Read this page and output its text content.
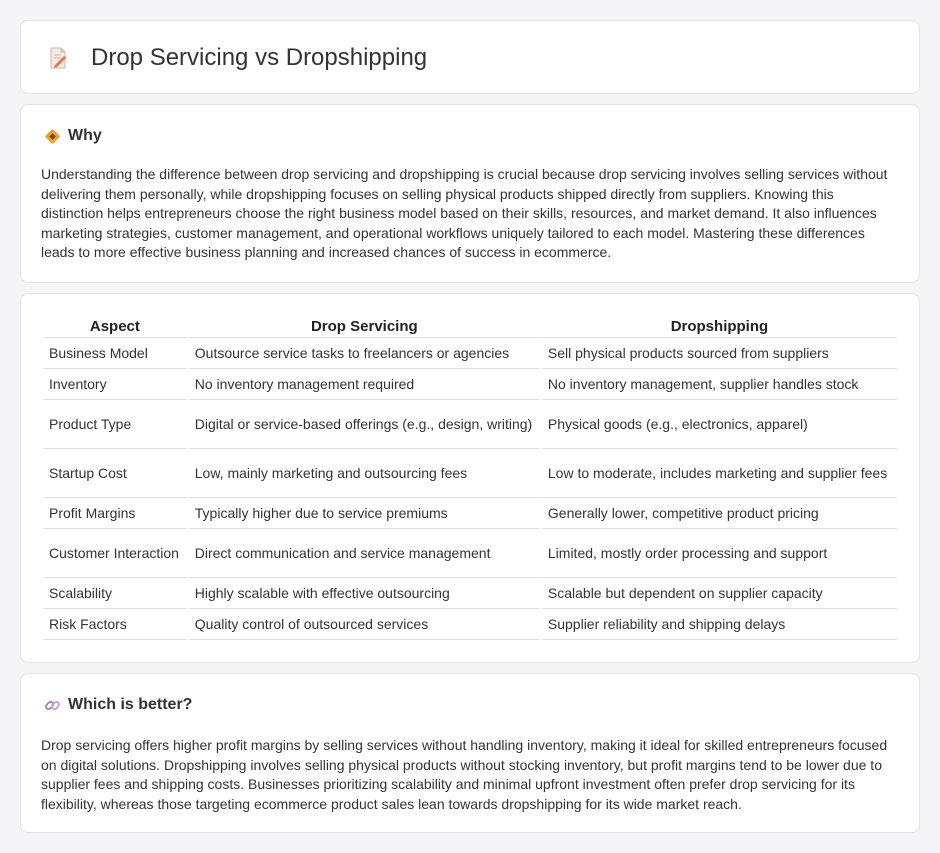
Drop Servicing vs Dropshipping
Why

Understanding the difference between drop servicing and dropshipping is crucial because drop servicing involves selling services without delivering them personally, while dropshipping focuses on selling physical products shipped directly from suppliers. Knowing this distinction helps entrepreneurs choose the right business model based on their skills, resources, and market demand. It also influences marketing strategies, customer management, and operational workflows uniquely tailored to each model. Mastering these differences leads to more effective business planning and increased chances of success in ecommerce.

Aspect	Drop Servicing	Dropshipping
Business Model	Outsource service tasks to freelancers or agencies	Sell physical products sourced from suppliers
Inventory	No inventory management required	No inventory management, supplier handles stock
Product Type	Digital or service-based offerings (e.g., design, writing)	Physical goods (e.g., electronics, apparel)
Startup Cost	Low, mainly marketing and outsourcing fees	Low to moderate, includes marketing and supplier fees
Profit Margins	Typically higher due to service premiums	Generally lower, competitive product pricing
Customer Interaction	Direct communication and service management	Limited, mostly order processing and support
Scalability	Highly scalable with effective outsourcing	Scalable but dependent on supplier capacity
Risk Factors	Quality control of outsourced services	Supplier reliability and shipping delays
Which is better?

Drop servicing offers higher profit margins by selling services without handling inventory, making it ideal for skilled entrepreneurs focused on digital solutions. Dropshipping involves selling physical products without stocking inventory, but profit margins tend to be lower due to supplier fees and shipping costs. Businesses prioritizing scalability and minimal upfront investment often prefer drop servicing for its flexibility, whereas those targeting ecommerce product sales lean towards dropshipping for its wide market reach.
